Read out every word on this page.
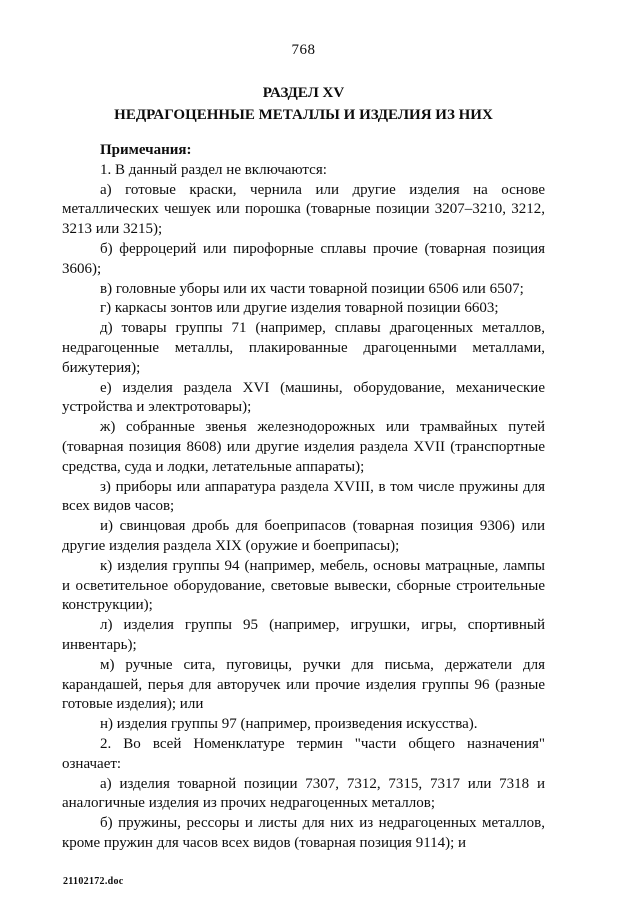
768
РАЗДЕЛ XV
НЕДРАГОЦЕННЫЕ МЕТАЛЛЫ И ИЗДЕЛИЯ ИЗ НИХ

Примечания:

1. В данный раздел не включаются:

а) готовые краски, чернила или другие изделия на основе металлических чешуек или порошка (товарные позиции 3207–3210, 3212, 3213 или 3215);

б) ферроцерий или пирофорные сплавы прочие (товарная позиция 3606);

в) головные уборы или их части товарной позиции 6506 или 6507;

г) каркасы зонтов или другие изделия товарной позиции 6603;

д) товары группы 71 (например, сплавы драгоценных металлов, недрагоценные металлы, плакированные драгоценными металлами, бижутерия);

е) изделия раздела XVI (машины, оборудование, механические устройства и электротовары);

ж) собранные звенья железнодорожных или трамвайных путей (товарная позиция 8608) или другие изделия раздела XVII (транспортные средства, суда и лодки, летательные аппараты);

з) приборы или аппаратура раздела XVIII, в том числе пружины для всех видов часов;

и) свинцовая дробь для боеприпасов (товарная позиция 9306) или другие изделия раздела XIX (оружие и боеприпасы);

к) изделия группы 94 (например, мебель, основы матрацные, лампы и осветительное оборудование, световые вывески, сборные строительные конструкции);

л) изделия группы 95 (например, игрушки, игры, спортивный инвентарь);

м) ручные сита, пуговицы, ручки для письма, держатели для карандашей, перья для авторучек или прочие изделия группы 96 (разные готовые изделия); или

н) изделия группы 97 (например, произведения искусства).

2. Во всей Номенклатуре термин "части общего назначения" означает:

а) изделия товарной позиции 7307, 7312, 7315, 7317 или 7318 и аналогичные изделия из прочих недрагоценных металлов;

б) пружины, рессоры и листы для них из недрагоценных металлов, кроме пружин для часов всех видов (товарная позиция 9114); и

21102172.doc
